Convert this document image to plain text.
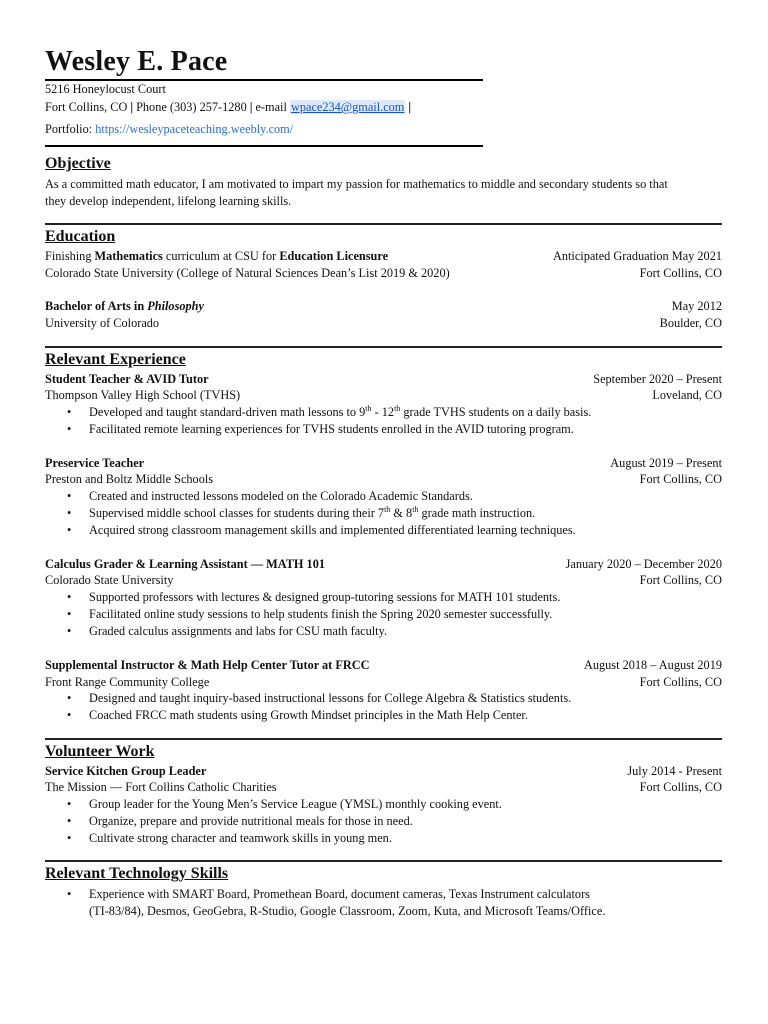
Wesley E. Pace
5216 Honeylocust Court
Fort Collins, CO | Phone (303) 257-1280 | e-mail wpace234@gmail.com |
Portfolio: https://wesleypaceteaching.weebly.com/
Objective
As a committed math educator, I am motivated to impart my passion for mathematics to middle and secondary students so that they develop independent, lifelong learning skills.
Education
Finishing Mathematics curriculum at CSU for Education Licensure	Anticipated Graduation May 2021
Colorado State University (College of Natural Sciences Dean’s List 2019 & 2020)	Fort Collins, CO
Bachelor of Arts in Philosophy	May 2012
University of Colorado	Boulder, CO
Relevant Experience
Student Teacher & AVID Tutor	September 2020 – Present
Thompson Valley High School (TVHS)	Loveland, CO
•	Developed and taught standard-driven math lessons to 9th - 12th grade TVHS students on a daily basis.
•	Facilitated remote learning experiences for TVHS students enrolled in the AVID tutoring program.
Preservice Teacher	August 2019 – Present
Preston and Boltz Middle Schools	Fort Collins, CO
•	Created and instructed lessons modeled on the Colorado Academic Standards.
•	Supervised middle school classes for students during their 7th & 8th grade math instruction.
•	Acquired strong classroom management skills and implemented differentiated learning techniques.
Calculus Grader & Learning Assistant — MATH 101	January 2020 – December 2020
Colorado State University	Fort Collins, CO
•	Supported professors with lectures & designed group-tutoring sessions for MATH 101 students.
•	Facilitated online study sessions to help students finish the Spring 2020 semester successfully.
•	Graded calculus assignments and labs for CSU math faculty.
Supplemental Instructor & Math Help Center Tutor at FRCC	August 2018 – August 2019
Front Range Community College	Fort Collins, CO
•	Designed and taught inquiry-based instructional lessons for College Algebra & Statistics students.
•	Coached FRCC math students using Growth Mindset principles in the Math Help Center.
Volunteer Work
Service Kitchen Group Leader	July 2014 - Present
The Mission — Fort Collins Catholic Charities	Fort Collins, CO
•	Group leader for the Young Men’s Service League (YMSL) monthly cooking event.
•	Organize, prepare and provide nutritional meals for those in need.
•	Cultivate strong character and teamwork skills in young men.
Relevant Technology Skills
•	Experience with SMART Board, Promethean Board, document cameras, Texas Instrument calculators
(TI-83/84), Desmos, GeoGebra, R-Studio, Google Classroom, Zoom, Kuta, and Microsoft Teams/Office.
